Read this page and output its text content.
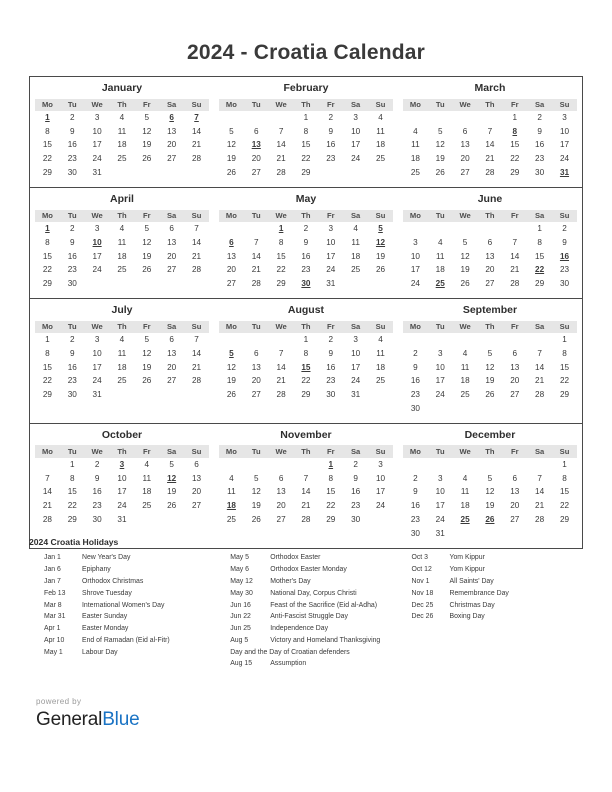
2024 - Croatia Calendar
January
Mo	Tu	We	Th	Fr	Sa	Su
1	2	3	4	5	6	7
8	9	10	11	12	13	14
15	16	17	18	19	20	21
22	23	24	25	26	27	28
29	30	31				
February
Mo	Tu	We	Th	Fr	Sa	Su
			1	2	3	4
5	6	7	8	9	10	11
12	13	14	15	16	17	18
19	20	21	22	23	24	25
26	27	28	29			
March
Mo	Tu	We	Th	Fr	Sa	Su
				1	2	3
4	5	6	7	8	9	10
11	12	13	14	15	16	17
18	19	20	21	22	23	24
25	26	27	28	29	30	31
April
Mo	Tu	We	Th	Fr	Sa	Su
1	2	3	4	5	6	7
8	9	10	11	12	13	14
15	16	17	18	19	20	21
22	23	24	25	26	27	28
29	30					
May
Mo	Tu	We	Th	Fr	Sa	Su
		1	2	3	4	5
6	7	8	9	10	11	12
13	14	15	16	17	18	19
20	21	22	23	24	25	26
27	28	29	30	31		
June
Mo	Tu	We	Th	Fr	Sa	Su
					1	2
3	4	5	6	7	8	9
10	11	12	13	14	15	16
17	18	19	20	21	22	23
24	25	26	27	28	29	30
July
Mo	Tu	We	Th	Fr	Sa	Su
1	2	3	4	5	6	7
8	9	10	11	12	13	14
15	16	17	18	19	20	21
22	23	24	25	26	27	28
29	30	31				
August
Mo	Tu	We	Th	Fr	Sa	Su
			1	2	3	4
5	6	7	8	9	10	11
12	13	14	15	16	17	18
19	20	21	22	23	24	25
26	27	28	29	30	31	
September
Mo	Tu	We	Th	Fr	Sa	Su
						1
2	3	4	5	6	7	8
9	10	11	12	13	14	15
16	17	18	19	20	21	22
23	24	25	26	27	28	29
30						
October
Mo	Tu	We	Th	Fr	Sa	Su
	1	2	3	4	5	6
7	8	9	10	11	12	13
14	15	16	17	18	19	20
21	22	23	24	25	26	27
28	29	30	31			
November
Mo	Tu	We	Th	Fr	Sa	Su
				1	2	3
4	5	6	7	8	9	10
11	12	13	14	15	16	17
18	19	20	21	22	23	24
25	26	27	28	29	30	
December
Mo	Tu	We	Th	Fr	Sa	Su
						1
2	3	4	5	6	7	8
9	10	11	12	13	14	15
16	17	18	19	20	21	22
23	24	25	26	27	28	29
30	31					
2024 Croatia Holidays
Jan 1	New Year's Day
Jan 6	Epiphany
Jan 7	Orthodox Christmas
Feb 13	Shrove Tuesday
Mar 8	International Women's Day
Mar 31	Easter Sunday
Apr 1	Easter Monday
Apr 10	End of Ramadan (Eid al-Fitr)
May 1	Labour Day
May 5	Orthodox Easter
May 6	Orthodox Easter Monday
May 12	Mother's Day
May 30	National Day, Corpus Christi
Jun 16	Feast of the Sacrifice (Eid al-Adha)
Jun 22	Anti-Fascist Struggle Day
Jun 25	Independence Day
Aug 5	Victory and Homeland Thanksgiving
Day and the Day of Croatian defenders
Aug 15	Assumption
Oct 3	Yom Kippur
Oct 12	Yom Kippur
Nov 1	All Saints' Day
Nov 18	Remembrance Day
Dec 25	Christmas Day
Dec 26	Boxing Day
powered by
GeneralBlue
